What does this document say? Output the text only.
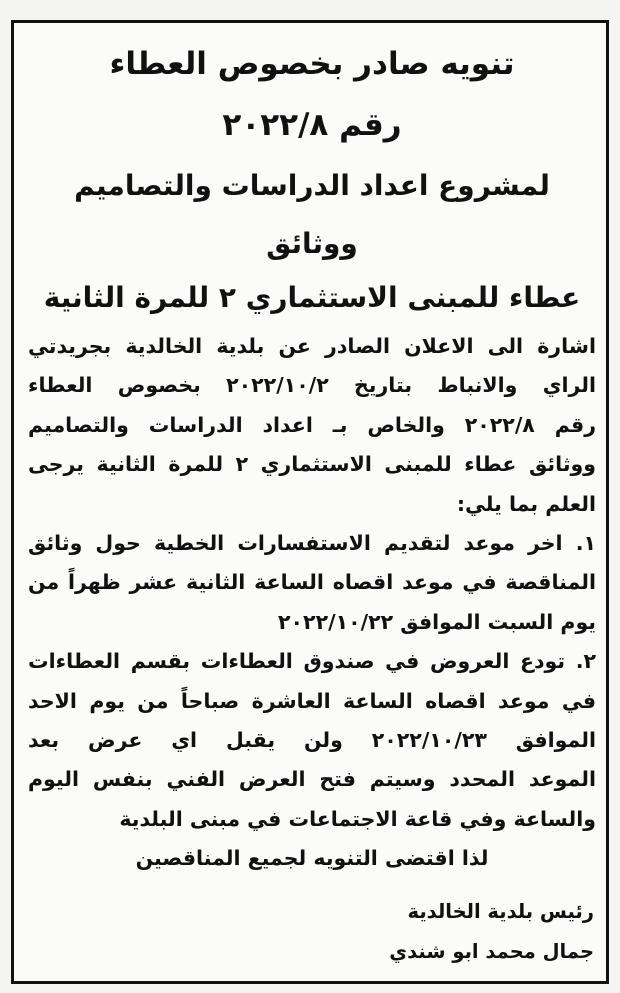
تنويه صادر بخصوص العطاء

رقم ٢٠٢٢/٨

لمشروع اعداد الدراسات والتصاميم ووثائق

عطاء للمبنى الاستثماري ٢ للمرة الثانية

اشارة الى الاعلان الصادر عن بلدية الخالدية بجريدتي
الراي والانباط بتاريخ ٢٠٢٢/١٠/٢ بخصوص العطاء
رقم ٢٠٢٢/٨ والخاص بـ اعداد الدراسات والتصاميم
ووثائق عطاء للمبنى الاستثماري ٢ للمرة الثانية يرجى
العلم بما يلي:
١. اخر موعد لتقديم الاستفسارات الخطية حول وثائق
المناقصة في موعد اقصاه الساعة الثانية عشر ظهراً من
يوم السبت الموافق ٢٠٢٢/١٠/٢٢
٢. تودع العروض في صندوق العطاءات بقسم العطاءات
في موعد اقصاه الساعة العاشرة صباحاً من يوم الاحد
الموافق ٢٠٢٢/١٠/٢٣ ولن يقبل اي عرض بعد
الموعد المحدد وسيتم فتح العرض الفني بنفس اليوم
والساعة وفي قاعة الاجتماعات في مبنى البلدية

لذا اقتضى التنويه لجميع المناقصين

رئيس بلدية الخالدية

جمال محمد ابو شندي
